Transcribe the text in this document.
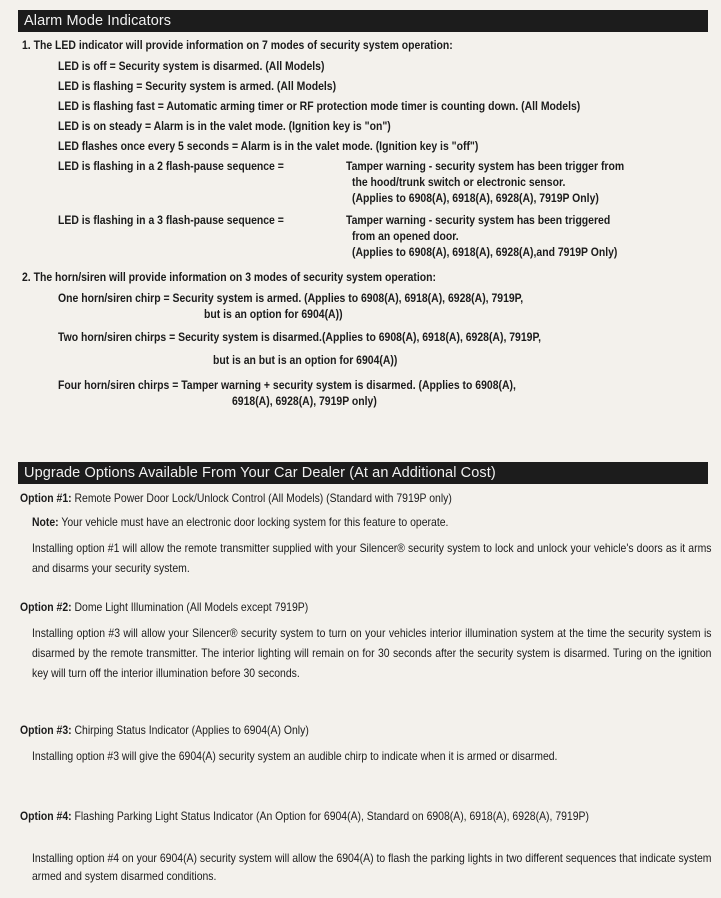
Alarm Mode Indicators
1. The LED indicator will provide information on 7 modes of security system operation:
LED is off = Security system is disarmed. (All Models)
LED is flashing = Security system is armed. (All Models)
LED is flashing fast = Automatic arming timer or RF protection mode timer is counting down. (All Models)
LED is on steady = Alarm is in the valet mode. (Ignition key is "on")
LED flashes once every 5 seconds = Alarm is in the valet mode. (Ignition key is "off")
LED is flashing in a 2 flash-pause sequence =	Tamper warning - security system has been trigger from
the hood/trunk switch or electronic sensor.
(Applies to 6908(A), 6918(A), 6928(A), 7919P Only)
LED is flashing in a 3 flash-pause sequence =	Tamper warning - security system has been triggered
from an opened door.
(Applies to 6908(A), 6918(A), 6928(A),and 7919P Only)
2. The horn/siren will provide information on 3 modes of security system operation:
One horn/siren chirp = Security system is armed. (Applies to 6908(A), 6918(A), 6928(A), 7919P,
but is an option for 6904(A))
Two horn/siren chirps = Security system is disarmed.(Applies to 6908(A), 6918(A), 6928(A), 7919P,
but is an but is an option for 6904(A))
Four horn/siren chirps = Tamper warning + security system is disarmed. (Applies to 6908(A),
6918(A), 6928(A), 7919P only)
Upgrade Options Available From Your Car Dealer (At an Additional Cost)
Option #1: Remote Power Door Lock/Unlock Control (All Models) (Standard with 7919P only)
Note: Your vehicle must have an electronic door locking system for this feature to operate.
Installing option #1 will allow the remote transmitter supplied with your Silencer® security system to lock and unlock your vehicle's doors as it arms and disarms your security system.
Option #2: Dome Light Illumination (All Models except 7919P)
Installing option #3 will allow your Silencer® security system to turn on your vehicles interior illumination system at the time the security system is disarmed by the remote transmitter. The interior lighting will remain on for 30 seconds after the security system is disarmed. Turing on the ignition key will turn off the interior illumination before 30 seconds.
Option #3: Chirping Status Indicator (Applies to 6904(A) Only)
Installing option #3 will give the 6904(A) security system an audible chirp to indicate when it is armed or disarmed.
Option #4: Flashing Parking Light Status Indicator (An Option for 6904(A), Standard on 6908(A), 6918(A), 6928(A), 7919P)
Installing option #4 on your 6904(A) security system will allow the 6904(A) to flash the parking lights in two different sequences that indicate system armed and system disarmed conditions.
